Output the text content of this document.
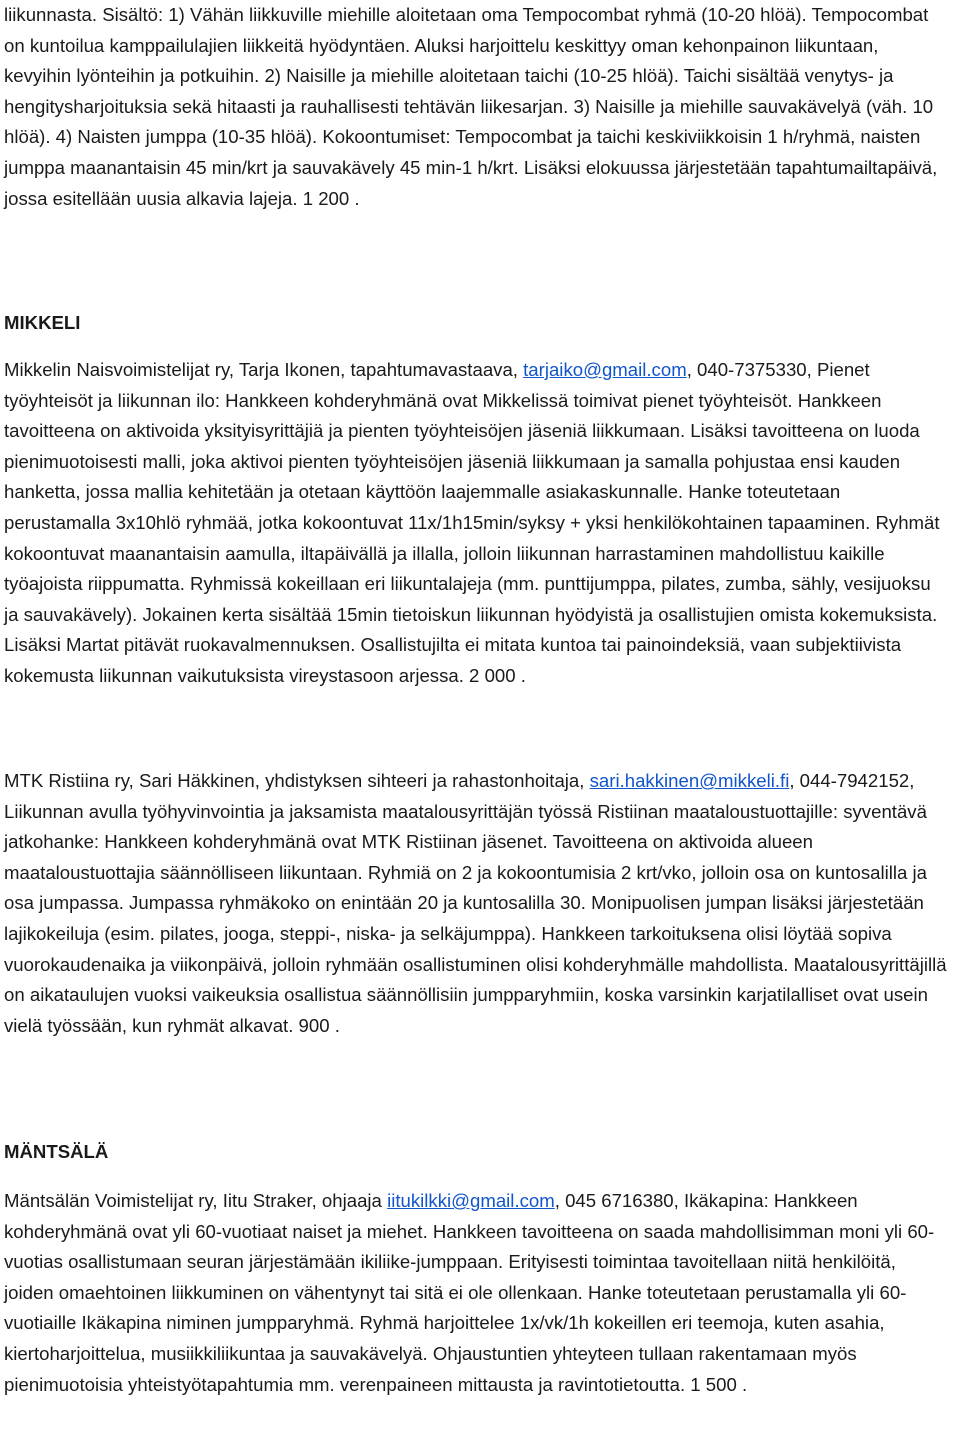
liikunnasta. Sisältö: 1) Vähän liikkuville miehille aloitetaan oma Tempocombat ryhmä (10-20 hlöä). Tempocombat on kuntoilua kamppailulajien liikkeitä hyödyntäen. Aluksi harjoittelu keskittyy oman kehonpainon liikuntaan, kevyihin lyönteihin ja potkuihin. 2) Naisille ja miehille aloitetaan taichi (10-25 hlöä). Taichi sisältää venytys- ja hengitysharjoituksia sekä hitaasti ja rauhallisesti tehtävän liikesarjan. 3) Naisille ja miehille sauvakävelyä (väh. 10 hlöä). 4) Naisten jumppa (10-35 hlöä). Kokoontumiset: Tempocombat ja taichi keskiviikkoisin 1 h/ryhmä, naisten jumppa maanantaisin 45 min/krt ja sauvakävely 45 min-1 h/krt. Lisäksi elokuussa järjestetään tapahtumailtapäivä, jossa esitellään uusia alkavia lajeja. 1 200 .

MIKKELI

Mikkelin Naisvoimistelijat ry, Tarja Ikonen, tapahtumavastaava, tarjaiko@gmail.com, 040-7375330, Pienet työyhteisöt ja liikunnan ilo: Hankkeen kohderyhmänä ovat Mikkelissä toimivat pienet työyhteisöt. Hankkeen tavoitteena on aktivoida yksityisyrittäjiä ja pienten työyhteisöjen jäseniä liikkumaan. Lisäksi tavoitteena on luoda pienimuotoisesti malli, joka aktivoi pienten työyhteisöjen jäseniä liikkumaan ja samalla pohjustaa ensi kauden hanketta, jossa mallia kehitetään ja otetaan käyttöön laajemmalle asiakaskunnalle. Hanke toteutetaan perustamalla 3x10hlö ryhmää, jotka kokoontuvat 11x/1h15min/syksy + yksi henkilökohtainen tapaaminen. Ryhmät kokoontuvat maanantaisin aamulla, iltapäivällä ja illalla, jolloin liikunnan harrastaminen mahdollistuu kaikille työajoista riippumatta. Ryhmissä kokeillaan eri liikuntalajeja (mm. punttijumppa, pilates, zumba, sähly, vesijuoksu ja sauvakävely). Jokainen kerta sisältää 15min tietoiskun liikunnan hyödyistä ja osallistujien omista kokemuksista. Lisäksi Martat pitävät ruokavalmennuksen. Osallistujilta ei mitata kuntoa tai painoindeksiä, vaan subjektiivista kokemusta liikunnan vaikutuksista vireystasoon arjessa. 2 000 .

MTK Ristiina ry, Sari Häkkinen, yhdistyksen sihteeri ja rahastonhoitaja, sari.hakkinen@mikkeli.fi, 044-7942152, Liikunnan avulla työhyvinvointia ja jaksamista maatalousyrittäjän työssä Ristiinan maataloustuottajille: syventävä jatkohanke: Hankkeen kohderyhmänä ovat MTK Ristiinan jäsenet. Tavoitteena on aktivoida alueen maataloustuottajia säännölliseen liikuntaan. Ryhmiä on 2 ja kokoontumisia 2 krt/vko, jolloin osa on kuntosalilla ja osa jumpassa. Jumpassa ryhmäkoko on enintään 20 ja kuntosalilla 30. Monipuolisen jumpan lisäksi järjestetään lajikokeiluja (esim. pilates, jooga, steppi-, niska- ja selkäjumppa). Hankkeen tarkoituksena olisi löytää sopiva vuorokaudenaika ja viikonpäivä, jolloin ryhmään osallistuminen olisi kohderyhmälle mahdollista. Maatalousyrittäjillä on aikataulujen vuoksi vaikeuksia osallistua säännöllisiin jumpparyhmiin, koska varsinkin karjatilalliset ovat usein vielä työssään, kun ryhmät alkavat. 900 .

MÄNTSÄLÄ

Mäntsälän Voimistelijat ry, Iitu Straker, ohjaaja iitukilkki@gmail.com, 045 6716380, Ikäkapina: Hankkeen kohderyhmänä ovat yli 60-vuotiaat naiset ja miehet. Hankkeen tavoitteena on saada mahdollisimman moni yli 60-vuotias osallistumaan seuran järjestämään ikiliike-jumppaan. Erityisesti toimintaa tavoitellaan niitä henkilöitä, joiden omaehtoinen liikkuminen on vähentynyt tai sitä ei ole ollenkaan. Hanke toteutetaan perustamalla yli 60-vuotiaille Ikäkapina niminen jumpparyhmä. Ryhmä harjoittelee 1x/vk/1h kokeillen eri teemoja, kuten asahia, kiertoharjoittelua, musiikkiliikuntaa ja sauvakävelyä. Ohjaustuntien yhteyteen tullaan rakentamaan myös pienimuotoisia yhteistyötapahtumia mm. verenpaineen mittausta ja ravintotietoutta. 1 500 .
